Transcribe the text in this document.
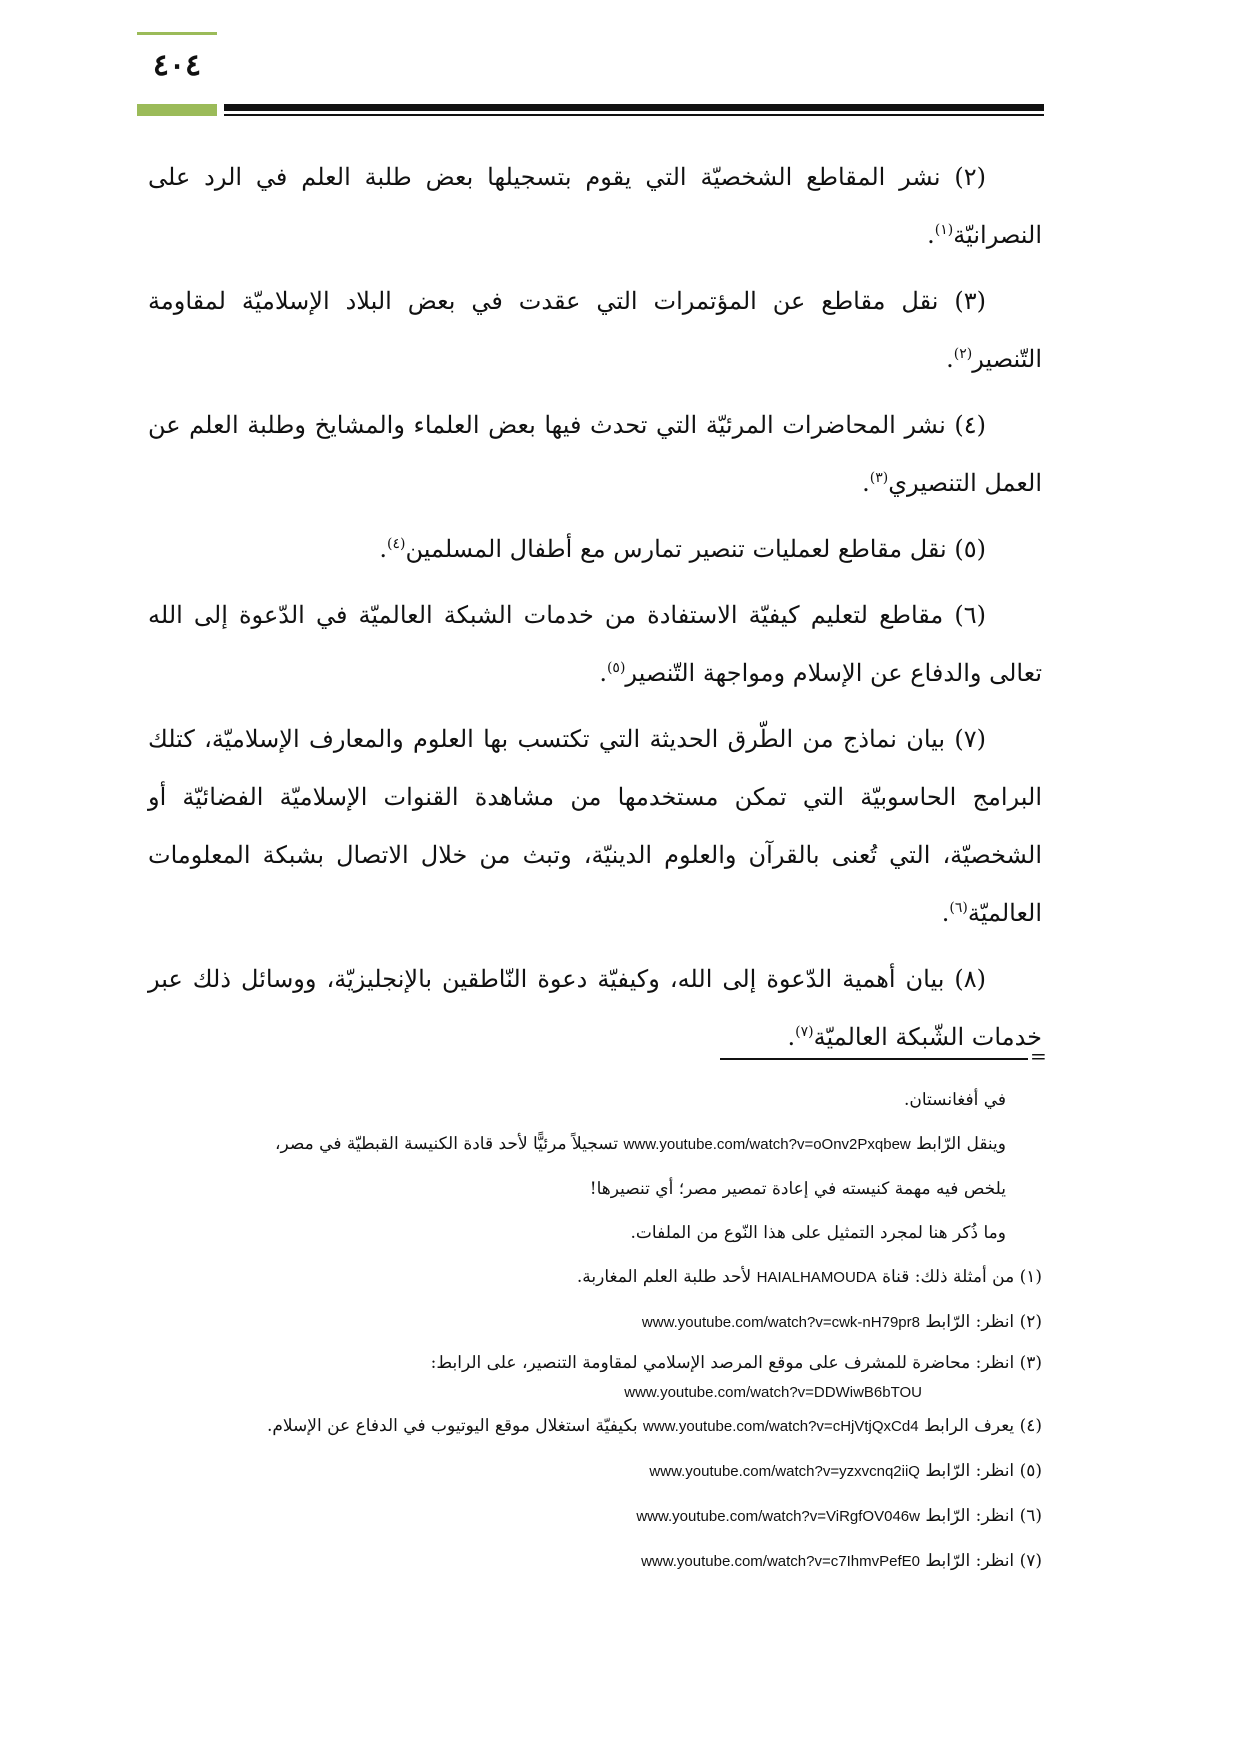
٤٠٤

(٢) نشر المقاطع الشخصيّة التي يقوم بتسجيلها بعض طلبة العلم في الرد على النصرانيّة$^{(١)}$.

(٣) نقل مقاطع عن المؤتمرات التي عقدت في بعض البلاد الإسلاميّة لمقاومة التّنصير$^{(٢)}$.

(٤) نشر المحاضرات المرئيّة التي تحدث فيها بعض العلماء والمشايخ وطلبة العلم عن العمل التنصيري$^{(٣)}$.

(٥) نقل مقاطع لعمليات تنصير تمارس مع أطفال المسلمين$^{(٤)}$.

(٦) مقاطع لتعليم كيفيّة الاستفادة من خدمات الشبكة العالميّة في الدّعوة إلى الله تعالى والدفاع عن الإسلام ومواجهة التّنصير$^{(٥)}$.

(٧) بيان نماذج من الطّرق الحديثة التي تكتسب بها العلوم والمعارف الإسلاميّة، كتلك البرامج الحاسوبيّة التي تمكن مستخدمها من مشاهدة القنوات الإسلاميّة الفضائيّة أو الشخصيّة، التي تُعنى بالقرآن والعلوم الدينيّة، وتبث من خلال الاتصال بشبكة المعلومات العالميّة$^{(٦)}$.

(٨) بيان أهمية الدّعوة إلى الله، وكيفيّة دعوة النّاطقين بالإنجليزيّة، ووسائل ذلك عبر خدمات الشّبكة العالميّة$^{(٧)}$.

=

في أفغانستان.

وينقل الرّابط www.youtube.com/watch?v=oOnv2Pxqbew تسجيلاً مرئيًّا لأحد قادة الكنيسة القبطيّة في مصر،

يلخص فيه مهمة كنيسته في إعادة تمصير مصر؛ أي تنصيرها!

وما ذُكر هنا لمجرد التمثيل على هذا النّوع من الملفات.

(١) من أمثلة ذلك: قناة HAIALHAMOUDA لأحد طلبة العلم المغاربة.

(٢) انظر: الرّابط www.youtube.com/watch?v=cwk-nH79pr8

(٣) انظر: محاضرة للمشرف على موقع المرصد الإسلامي لمقاومة التنصير، على الرابط:

www.youtube.com/watch?v=DDWiwB6bTOU

(٤) يعرف الرابط www.youtube.com/watch?v=cHjVtjQxCd4 بكيفيّة استغلال موقع اليوتيوب في الدفاع عن الإسلام.

(٥) انظر: الرّابط www.youtube.com/watch?v=yzxvcnq2iiQ

(٦) انظر: الرّابط www.youtube.com/watch?v=ViRgfOV046w

(٧) انظر: الرّابط www.youtube.com/watch?v=c7IhmvPefE0
